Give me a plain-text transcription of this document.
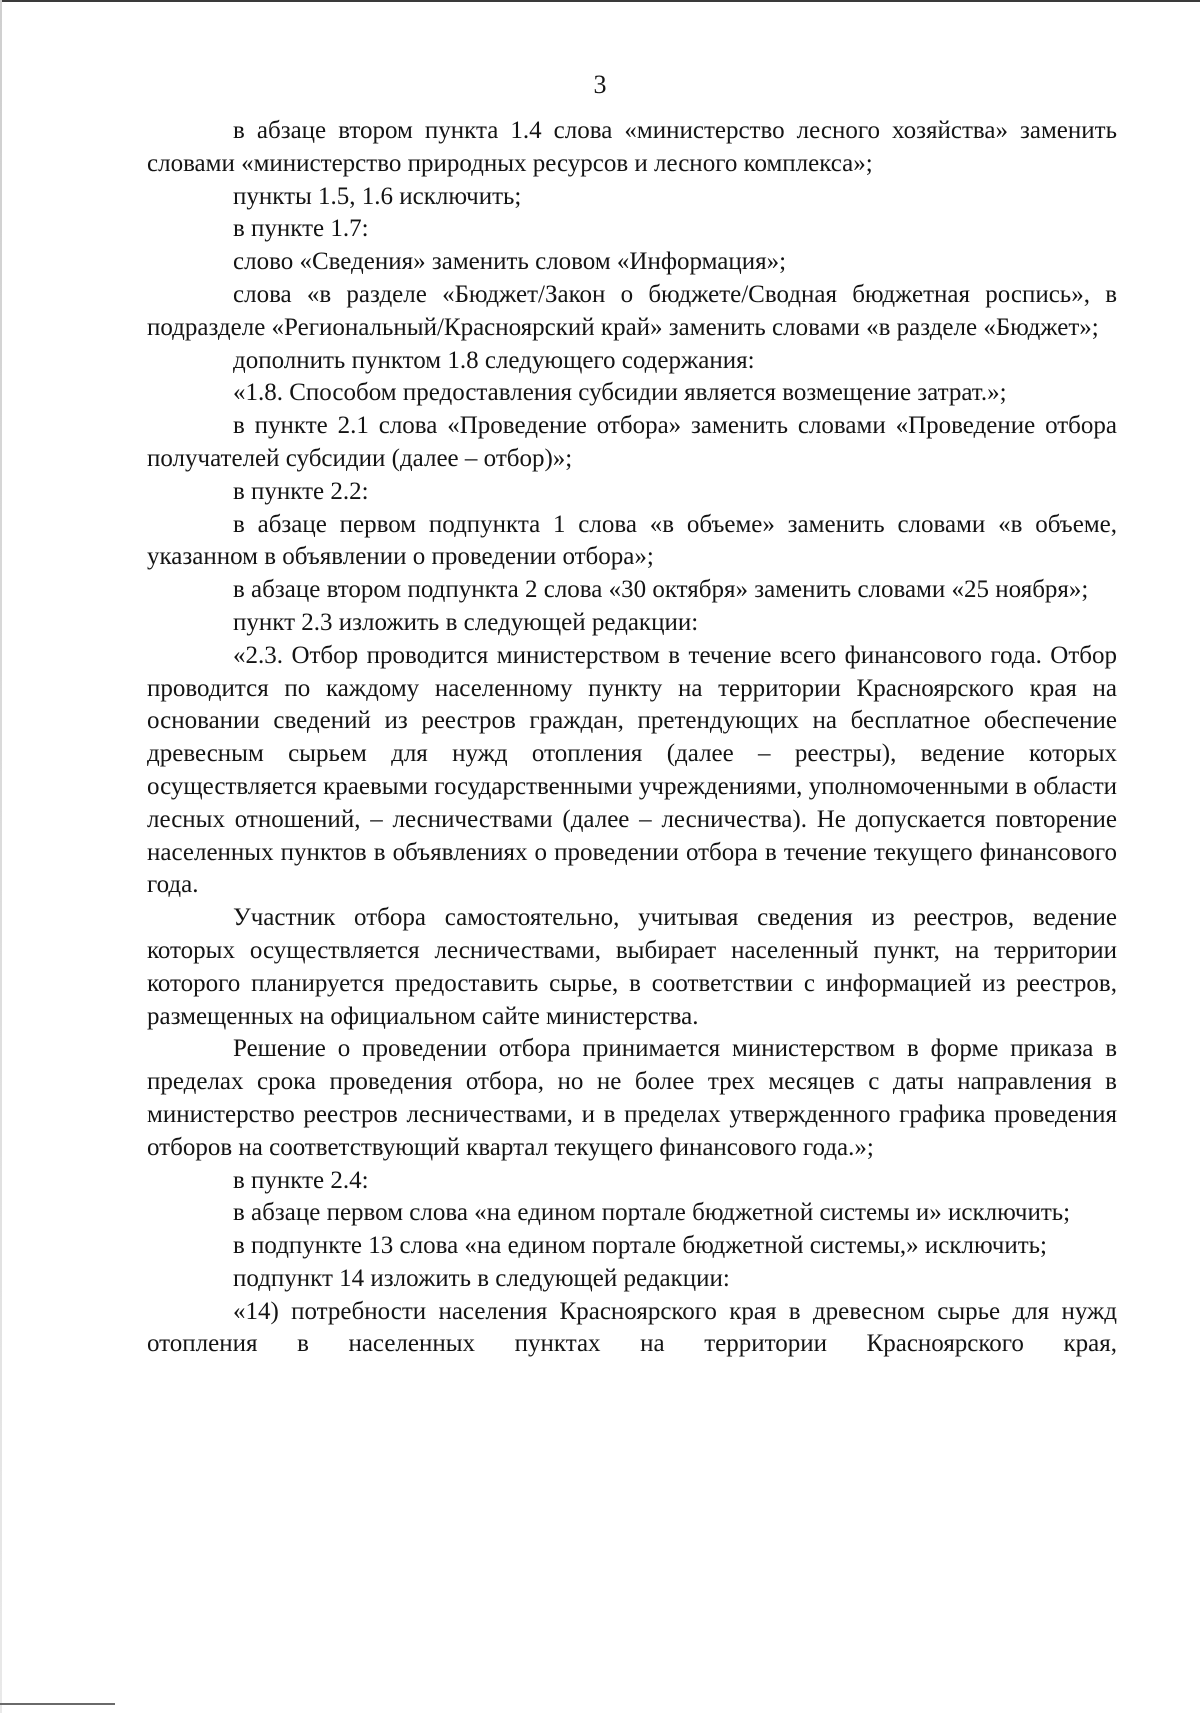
3

в абзаце втором пункта 1.4 слова «министерство лесного хозяйства» заменить словами «министерство природных ресурсов и лесного комплекса»;

пункты 1.5, 1.6 исключить;

в пункте 1.7:

слово «Сведения» заменить словом «Информация»;

слова «в разделе «Бюджет/Закон о бюджете/Сводная бюджетная роспись», в подразделе «Региональный/Красноярский край» заменить словами «в разделе «Бюджет»;

дополнить пунктом 1.8 следующего содержания:

«1.8. Способом предоставления субсидии является возмещение затрат.»;

в пункте 2.1 слова «Проведение отбора» заменить словами «Проведение отбора получателей субсидии (далее – отбор)»;

в пункте 2.2:

в абзаце первом подпункта 1 слова «в объеме» заменить словами «в объеме, указанном в объявлении о проведении отбора»;

в абзаце втором подпункта 2 слова «30 октября» заменить словами «25 ноября»;

пункт 2.3 изложить в следующей редакции:

«2.3. Отбор проводится министерством в течение всего финансового года. Отбор проводится по каждому населенному пункту на территории Красноярского края на основании сведений из реестров граждан, претендующих на бесплатное обеспечение древесным сырьем для нужд отопления (далее – реестры), ведение которых осуществляется краевыми государственными учреждениями, уполномоченными в области лесных отношений, – лесничествами (далее – лесничества). Не допускается повторение населенных пунктов в объявлениях о проведении отбора в течение текущего финансового года.

Участник отбора самостоятельно, учитывая сведения из реестров, ведение которых осуществляется лесничествами, выбирает населенный пункт, на территории которого планируется предоставить сырье, в соответствии с информацией из реестров, размещенных на официальном сайте министерства.

Решение о проведении отбора принимается министерством в форме приказа в пределах срока проведения отбора, но не более трех месяцев с даты направления в министерство реестров лесничествами, и в пределах утвержденного графика проведения отборов на соответствующий квартал текущего финансового года.»;

в пункте 2.4:

в абзаце первом слова «на едином портале бюджетной системы и» исключить;

в подпункте 13 слова «на едином портале бюджетной системы,» исключить;

подпункт 14 изложить в следующей редакции:

«14) потребности населения Красноярского края в древесном сырье для нужд отопления в населенных пунктах на территории Красноярского края,
